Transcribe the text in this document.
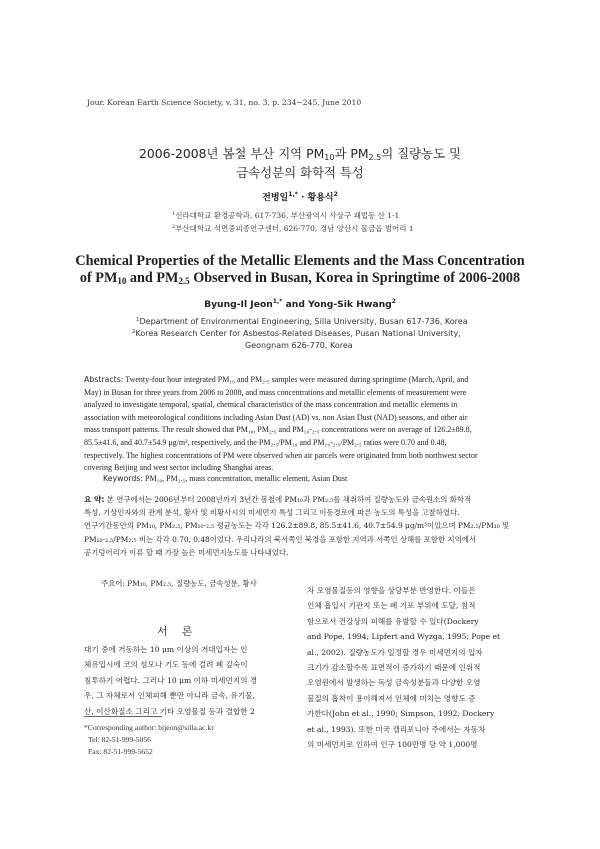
Jour. Korean Earth Science Society, v. 31, no. 3, p. 234−245, June 2010
2006-2008년 봄철 부산 지역 $PM_{10}$과 $PM_{2.5}$의 질량농도 및
금속성분의 화학적 특성
전병일$^{1,*}$ · 황용식$^2$
$^1$신라대학교 환경공학과, 617-736, 부산광역시 사상구 괘법동 산 1-1
$^2$부산대학교 석면중피종연구센터, 626-770, 경남 양산시 물금읍 범어리 1
Chemical Properties of the Metallic Elements and the Mass Concentration
of $PM_{10}$ and $PM_{2.5}$ Observed in Busan, Korea in Springtime of 2006-2008
Byung-Il Jeon$^{1,*}$ and Yong-Sik Hwang$^2$
$^1$Department of Environmental Engineering, Silla University, Busan 617-736, Korea
$^2$Korea Research Center for Asbestos-Related Diseases, Pusan National University,
Geongnam 626-770, Korea
Abstracts: Twenty-four hour integrated PM₁₀ and PM₂.₅ samples were measured during springtime (March, April, and
May) in Busan for three years from 2006 to 2008, and mass concentrations and metallic elements of measurement were
analyzed to investigate temporal, spatial, chemical characteristics of the mass concentration and metallic elements in
association with meteorological conditions including Asian Dust (AD) vs. non Asian Dust (NAD) seasons, and other air
mass transport patterns. The result showed that PM₁₀, PM₂.₅ and PM₁₀-₂.₅ concentrations were on average of 126.2±89.8,
85.5±41.6, and 40.7±54.9 μg/m³, respectively, and the PM₂.₅/PM₁₀ and PM₁₀-₂.₅/PM₂.₅ ratios were 0.70 and 0.48,
respectively. The highest concentrations of PM were observed when air parcels were originated from both northwest sector
covering Beijing and west sector including Shanghai areas.
Keywords: PM₁₀, PM₂.₅, mass concentration, metallic element, Asian Dust
요 약: 본 연구에서는 2006년부터 2008년까지 3년간 봄철에 PM₁₀과 PM₂.₅를 채취하여 질량농도와 금속원소의 화학적
특성, 기상인자와의 관계 분석, 황사 및 비황사시의 미세먼지 특성 그리고 이동경로에 따른 농도의 특성을 고찰하였다.
연구기간동안의 PM₁₀, PM₂.₅, PM₁₀-₂.₅ 평균농도는 각각 126.2±89.8, 85.5±41.6, 40.7±54.9 μg/m³이었으며 PM₂.₅/PM₁₀ 및
PM₁₀-₂.₅/PM₂.₅ 비는 각각 0.70, 0.48이었다. 우리나라의 북서쪽인 북경을 포함한 지역과 서쪽인 상해를 포함한 지역에서
공기덩어리가 이류 할 때 가장 높은 미세먼지농도를 나타내었다.
주요어: PM₁₀, PM₂.₅, 질량농도, 금속성분, 황사
서론
대기 중에 거동하는 10 μm 이상의 거대입자는 인
체유입시에 코의 섬모나 기도 등에 걸려 폐 깊숙이
침투하기 어렵다. 그러나 10 μm 이하 미세먼지의 경
우, 그 자체로서 인체피해 뿐만 아니라 금속, 유기물,
산, 이산화질소 그리고 기타 오염물질 등과 결합한 2
차 오염물질등의 영향을 상당부분 반영한다. 이들은
인체 흡입시 기관지 또는 폐 기포 부위에 도달, 침적
함으로서 건강상의 피해를 유발할 수 있다(Dockery
and Pope, 1994; Lipfert and Wyzga, 1995; Pope et
al., 2002). 질량농도가 일정할 경우 미세먼지의 입자
크기가 감소할수록 표면적이 증가하기 때문에 인위적
오염원에서 발생하는 독성 금속성분들과 다양한 오염
물질의 흡착이 용이해져서 인체에 미치는 영향도 증
가한다(John et al., 1990; Simpson, 1992; Dockery
et al., 1993). 또한 미국 캘리포니아 주에서는 자동차
의 미세먼지로 인하여 인구 100만명 당 약 1,000명
*Corresponding author: bijeon@silla.ac.kr
Tel: 82-51-999-5056
Fax: 82-51-999-5652
